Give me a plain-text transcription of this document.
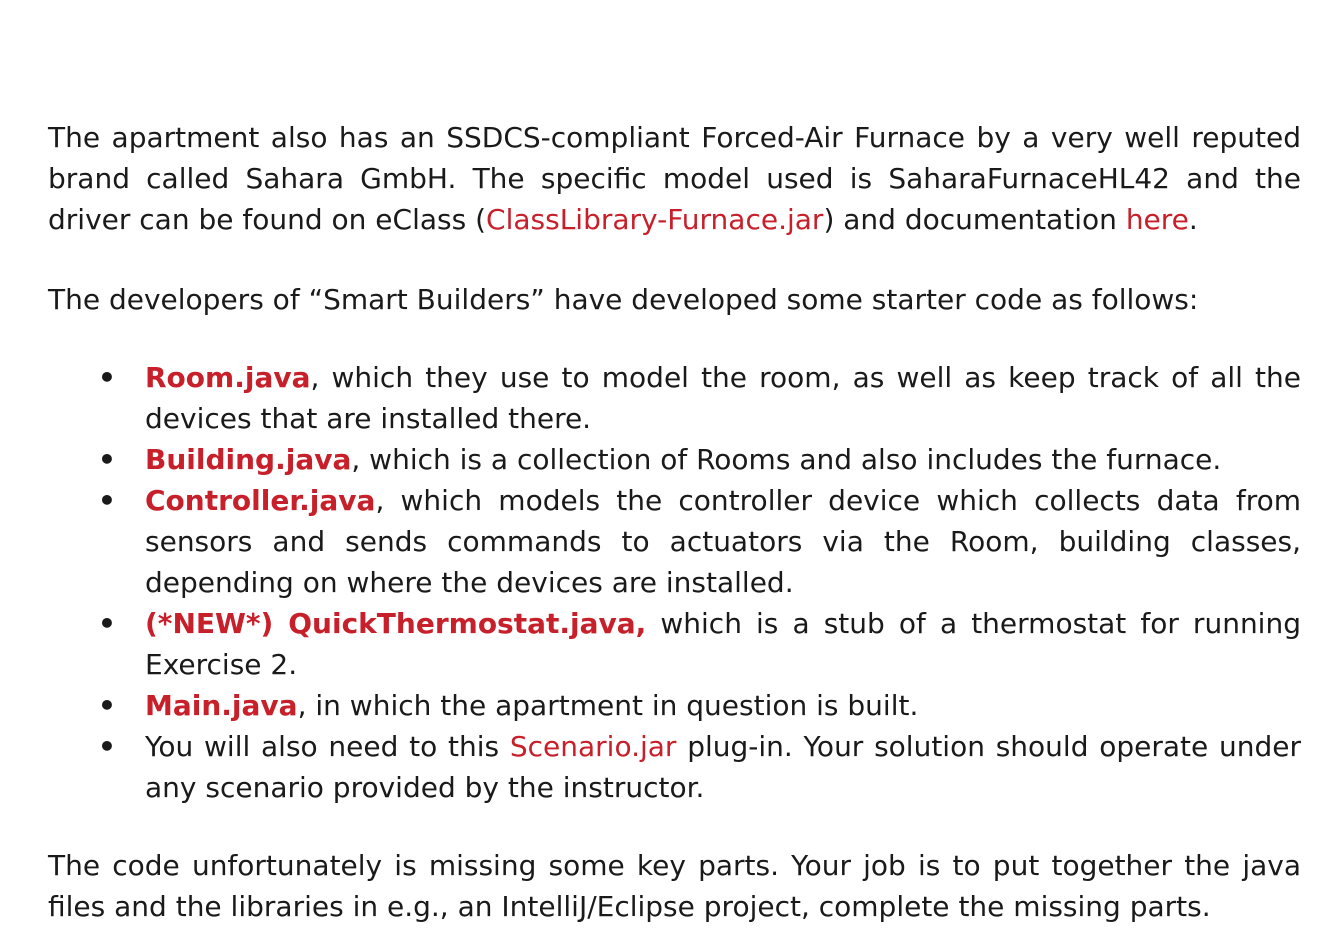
The apartment also has an SSDCS-compliant Forced-Air Furnace by a very well reputed brand called Sahara GmbH. The specific model used is SaharaFurnaceHL42 and the driver can be found on eClass (ClassLibrary-Furnace.jar) and documentation here.

The developers of “Smart Builders” have developed some starter code as follows:

• Room.java, which they use to model the room, as well as keep track of all the devices that are installed there.
• Building.java, which is a collection of Rooms and also includes the furnace.
• Controller.java, which models the controller device which collects data from sensors and sends commands to actuators via the Room, building classes, depending on where the devices are installed.
• (*NEW*) QuickThermostat.java, which is a stub of a thermostat for running Exercise 2.
• Main.java, in which the apartment in question is built.
• You will also need to this Scenario.jar plug-in. Your solution should operate under any scenario provided by the instructor.

The code unfortunately is missing some key parts. Your job is to put together the java files and the libraries in e.g., an IntelliJ/Eclipse project, complete the missing parts.
